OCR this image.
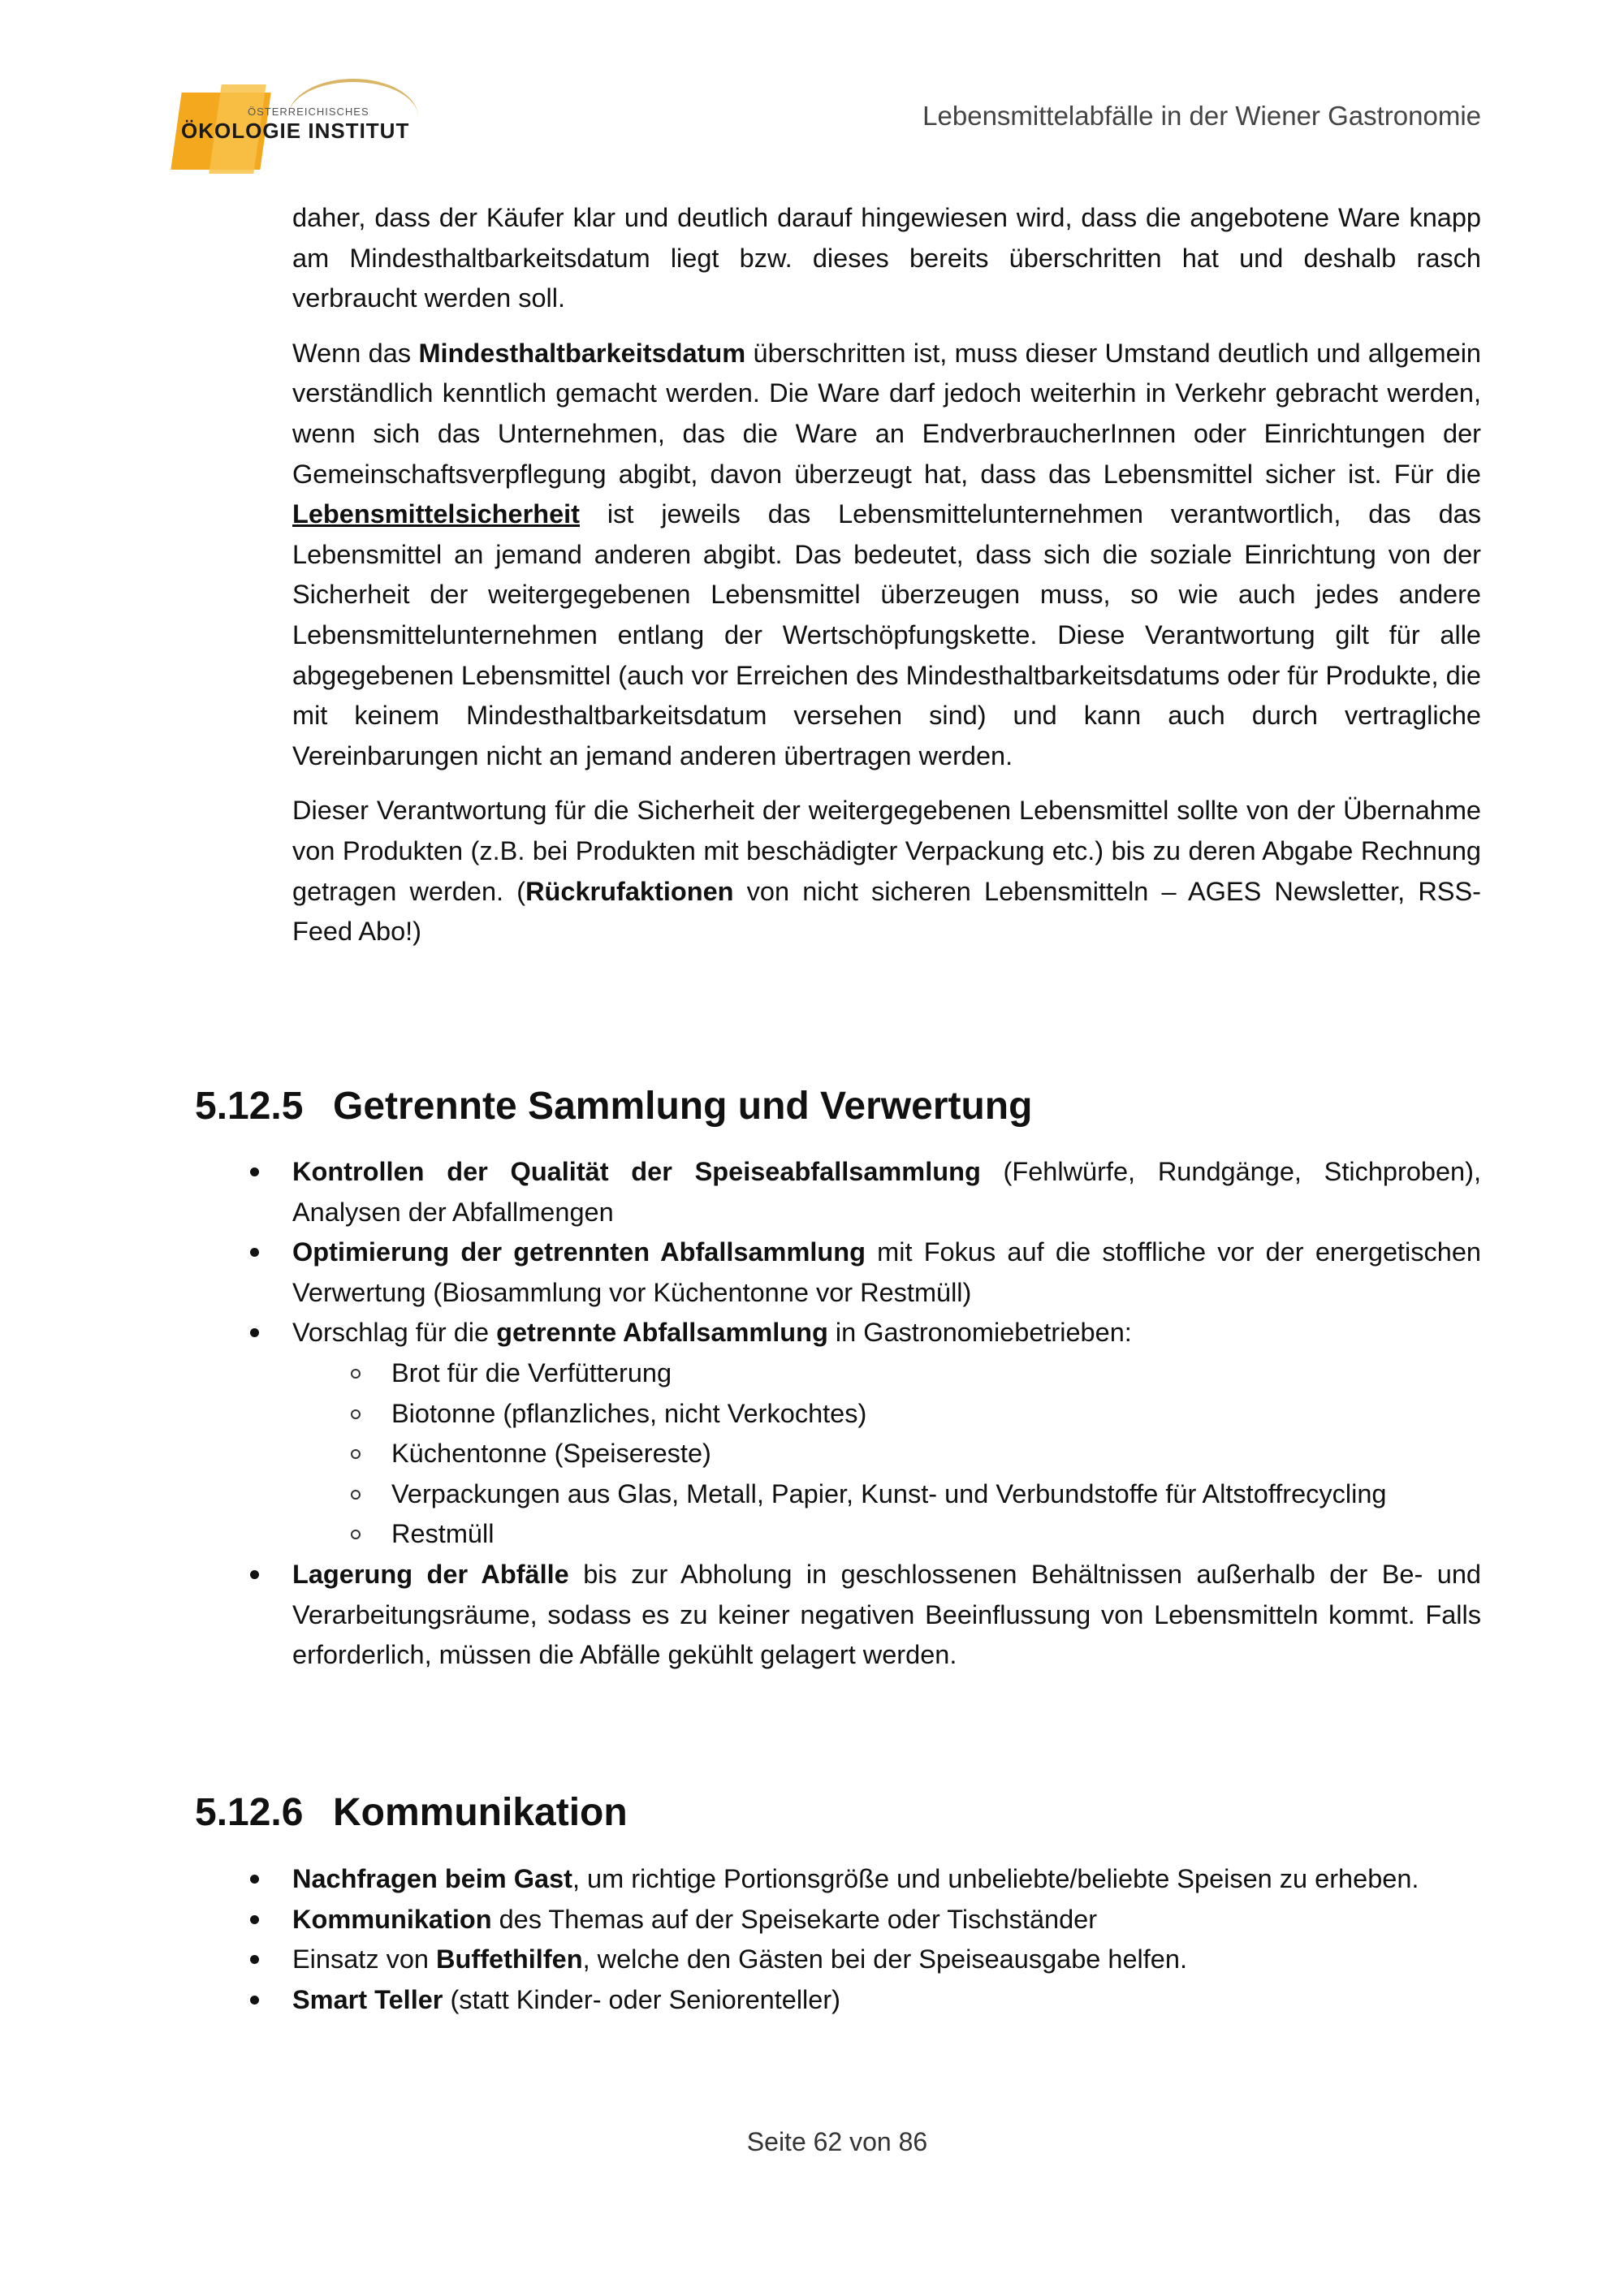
ÖSTERREICHISCHES
ÖKOLOGIE INSTITUT	Lebensmittelabfälle in der Wiener Gastronomie

daher, dass der Käufer klar und deutlich darauf hingewiesen wird, dass die angebotene Ware knapp am Mindesthaltbarkeitsdatum liegt bzw. dieses bereits überschritten hat und deshalb rasch verbraucht werden soll.

Wenn das Mindesthaltbarkeitsdatum überschritten ist, muss dieser Umstand deutlich und allgemein verständlich kenntlich gemacht werden. Die Ware darf jedoch weiterhin in Verkehr gebracht werden, wenn sich das Unternehmen, das die Ware an EndverbraucherInnen oder Einrichtungen der Gemeinschaftsverpflegung abgibt, davon überzeugt hat, dass das Lebensmittel sicher ist. Für die Lebensmittelsicherheit ist jeweils das Lebensmittelunternehmen verantwortlich, das das Lebensmittel an jemand anderen abgibt. Das bedeutet, dass sich die soziale Einrichtung von der Sicherheit der weitergegebenen Lebensmittel überzeugen muss, so wie auch jedes andere Lebensmittelunternehmen entlang der Wertschöpfungskette. Diese Verantwortung gilt für alle abgegebenen Lebensmittel (auch vor Erreichen des Mindesthaltbarkeitsdatums oder für Produkte, die mit keinem Mindesthaltbarkeitsdatum versehen sind) und kann auch durch vertragliche Vereinbarungen nicht an jemand anderen übertragen werden.

Dieser Verantwortung für die Sicherheit der weitergegebenen Lebensmittel sollte von der Übernahme von Produkten (z.B. bei Produkten mit beschädigter Verpackung etc.) bis zu deren Abgabe Rechnung getragen werden. (Rückrufaktionen von nicht sicheren Lebensmitteln – AGES Newsletter, RSS-Feed Abo!)

5.12.5 Getrennte Sammlung und Verwertung
Kontrollen der Qualität der Speiseabfallsammlung (Fehlwürfe, Rundgänge, Stichproben), Analysen der Abfallmengen
Optimierung der getrennten Abfallsammlung mit Fokus auf die stoffliche vor der energetischen Verwertung (Biosammlung vor Küchentonne vor Restmüll)
Vorschlag für die getrennte Abfallsammlung in Gastronomiebetrieben:
Brot für die Verfütterung
Biotonne (pflanzliches, nicht Verkochtes)
Küchentonne (Speisereste)
Verpackungen aus Glas, Metall, Papier, Kunst- und Verbundstoffe für Altstoffrecycling
Restmüll
Lagerung der Abfälle bis zur Abholung in geschlossenen Behältnissen außerhalb der Be- und Verarbeitungsräume, sodass es zu keiner negativen Beeinflussung von Lebensmitteln kommt. Falls erforderlich, müssen die Abfälle gekühlt gelagert werden.
5.12.6 Kommunikation
Nachfragen beim Gast, um richtige Portionsgröße und unbeliebte/beliebte Speisen zu erheben.
Kommunikation des Themas auf der Speisekarte oder Tischständer
Einsatz von Buffethilfen, welche den Gästen bei der Speiseausgabe helfen.
Smart Teller (statt Kinder- oder Seniorenteller)
Seite 62 von 86
